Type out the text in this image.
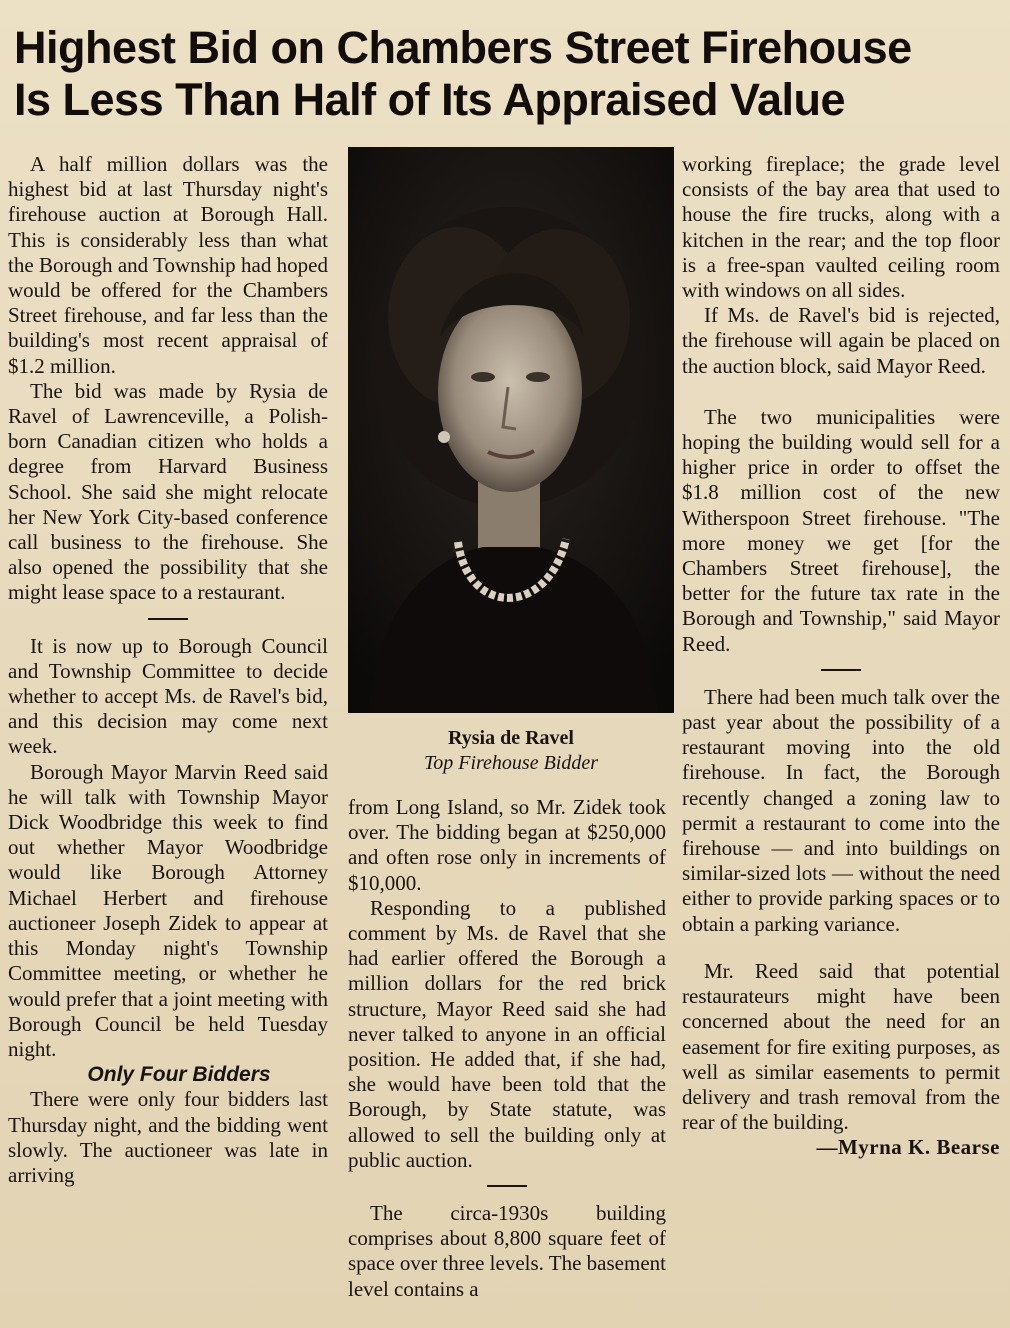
Highest Bid on Chambers Street Firehouse
Is Less Than Half of Its Appraised Value

A half million dollars was the highest bid at last Thursday night's firehouse auction at Borough Hall. This is considerably less than what the Borough and Township had hoped would be offered for the Chambers Street firehouse, and far less than the building's most recent appraisal of $1.2 million.

The bid was made by Rysia de Ravel of Lawrenceville, a Polish-born Canadian citizen who holds a degree from Harvard Business School. She said she might relocate her New York City-based conference call business to the firehouse. She also opened the possibility that she might lease space to a restaurant.

It is now up to Borough Council and Township Committee to decide whether to accept Ms. de Ravel's bid, and this decision may come next week.

Borough Mayor Marvin Reed said he will talk with Township Mayor Dick Woodbridge this week to find out whether Mayor Woodbridge would like Borough Attorney Michael Herbert and firehouse auctioneer Joseph Zidek to appear at this Monday night's Township Committee meeting, or whether he would prefer that a joint meeting with Borough Council be held Tuesday night.

Only Four Bidders

There were only four bidders last Thursday night, and the bidding went slowly. The auctioneer was late in arriving

Rysia de Ravel
Top Firehouse Bidder

from Long Island, so Mr. Zidek took over. The bidding began at $250,000 and often rose only in increments of $10,000.

Responding to a published comment by Ms. de Ravel that she had earlier offered the Borough a million dollars for the red brick structure, Mayor Reed said she had never talked to anyone in an official position. He added that, if she had, she would have been told that the Borough, by State statute, was allowed to sell the building only at public auction.

The circa-1930s building comprises about 8,800 square feet of space over three levels. The basement level contains a

working fireplace; the grade level consists of the bay area that used to house the fire trucks, along with a kitchen in the rear; and the top floor is a free-span vaulted ceiling room with windows on all sides.

If Ms. de Ravel's bid is rejected, the firehouse will again be placed on the auction block, said Mayor Reed.

The two municipalities were hoping the building would sell for a higher price in order to offset the $1.8 million cost of the new Witherspoon Street firehouse. "The more money we get [for the Chambers Street firehouse], the better for the future tax rate in the Borough and Township," said Mayor Reed.

There had been much talk over the past year about the possibility of a restaurant moving into the old firehouse. In fact, the Borough recently changed a zoning law to permit a restaurant to come into the firehouse — and into buildings on similar-sized lots — without the need either to provide parking spaces or to obtain a parking variance.

Mr. Reed said that potential restaurateurs might have been concerned about the need for an easement for fire exiting purposes, as well as similar easements to permit delivery and trash removal from the rear of the building.

—Myrna K. Bearse
